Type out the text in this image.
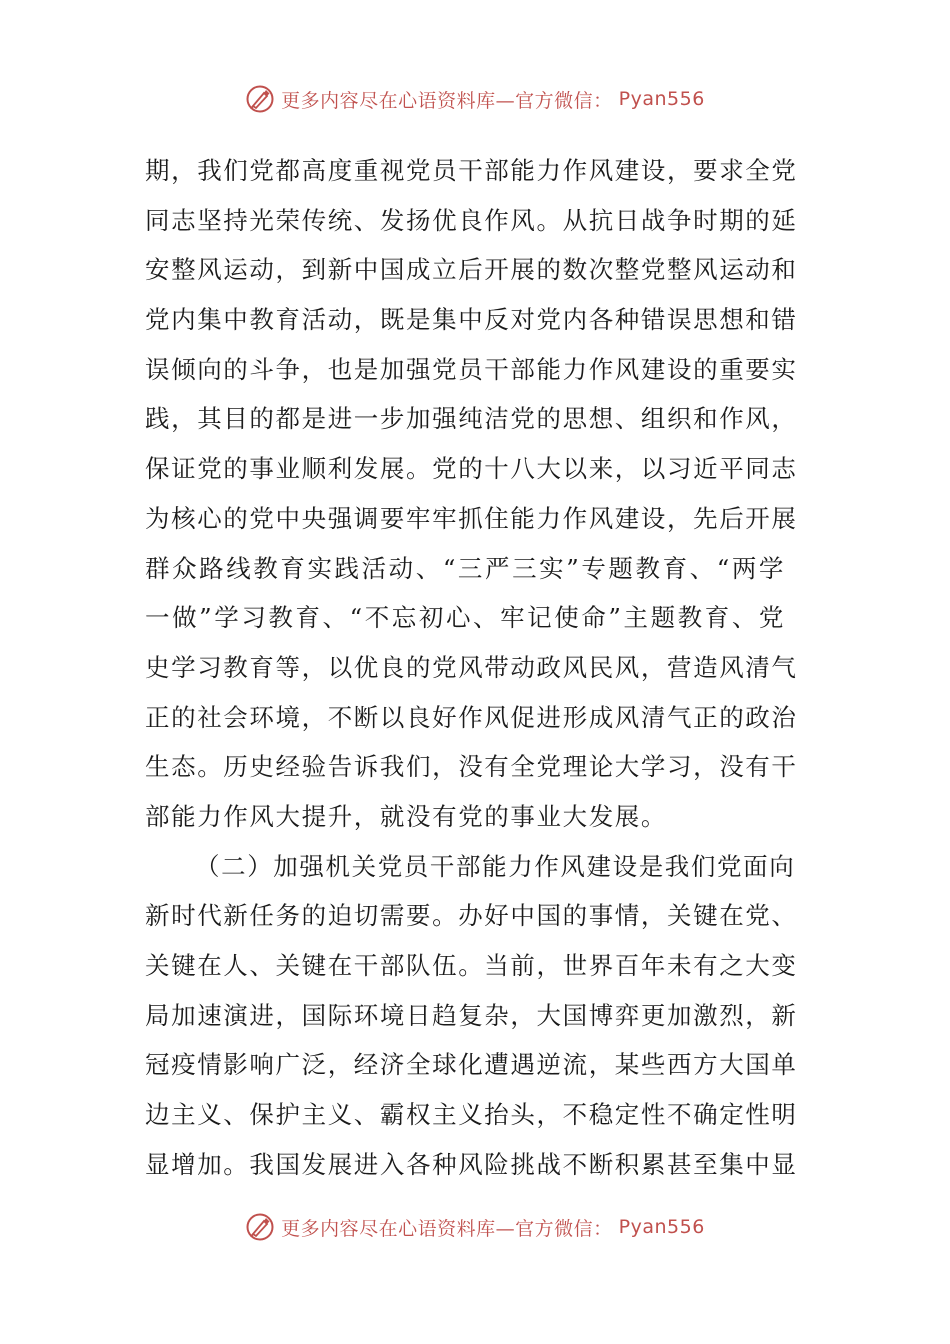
更多内容尽在心语资料库—官方微信： Pyan556
期，我们党都高度重视党员干部能力作风建设，要求全党
同志坚持光荣传统、发扬优良作风。从抗日战争时期的延
安整风运动，到新中国成立后开展的数次整党整风运动和
党内集中教育活动，既是集中反对党内各种错误思想和错
误倾向的斗争，也是加强党员干部能力作风建设的重要实
践，其目的都是进一步加强纯洁党的思想、组织和作风，
保证党的事业顺利发展。党的十八大以来，以习近平同志
为核心的党中央强调要牢牢抓住能力作风建设，先后开展
群众路线教育实践活动、“三严三实”专题教育、“两学
一做”学习教育、“不忘初心、牢记使命”主题教育、党
史学习教育等，以优良的党风带动政风民风，营造风清气
正的社会环境，不断以良好作风促进形成风清气正的政治
生态。历史经验告诉我们，没有全党理论大学习，没有干
部能力作风大提升，就没有党的事业大发展。
（二）加强机关党员干部能力作风建设是我们党面向
新时代新任务的迫切需要。办好中国的事情，关键在党、
关键在人、关键在干部队伍。当前，世界百年未有之大变
局加速演进，国际环境日趋复杂，大国博弈更加激烈，新
冠疫情影响广泛，经济全球化遭遇逆流，某些西方大国单
边主义、保护主义、霸权主义抬头，不稳定性不确定性明
显增加。我国发展进入各种风险挑战不断积累甚至集中显
更多内容尽在心语资料库—官方微信： Pyan556
